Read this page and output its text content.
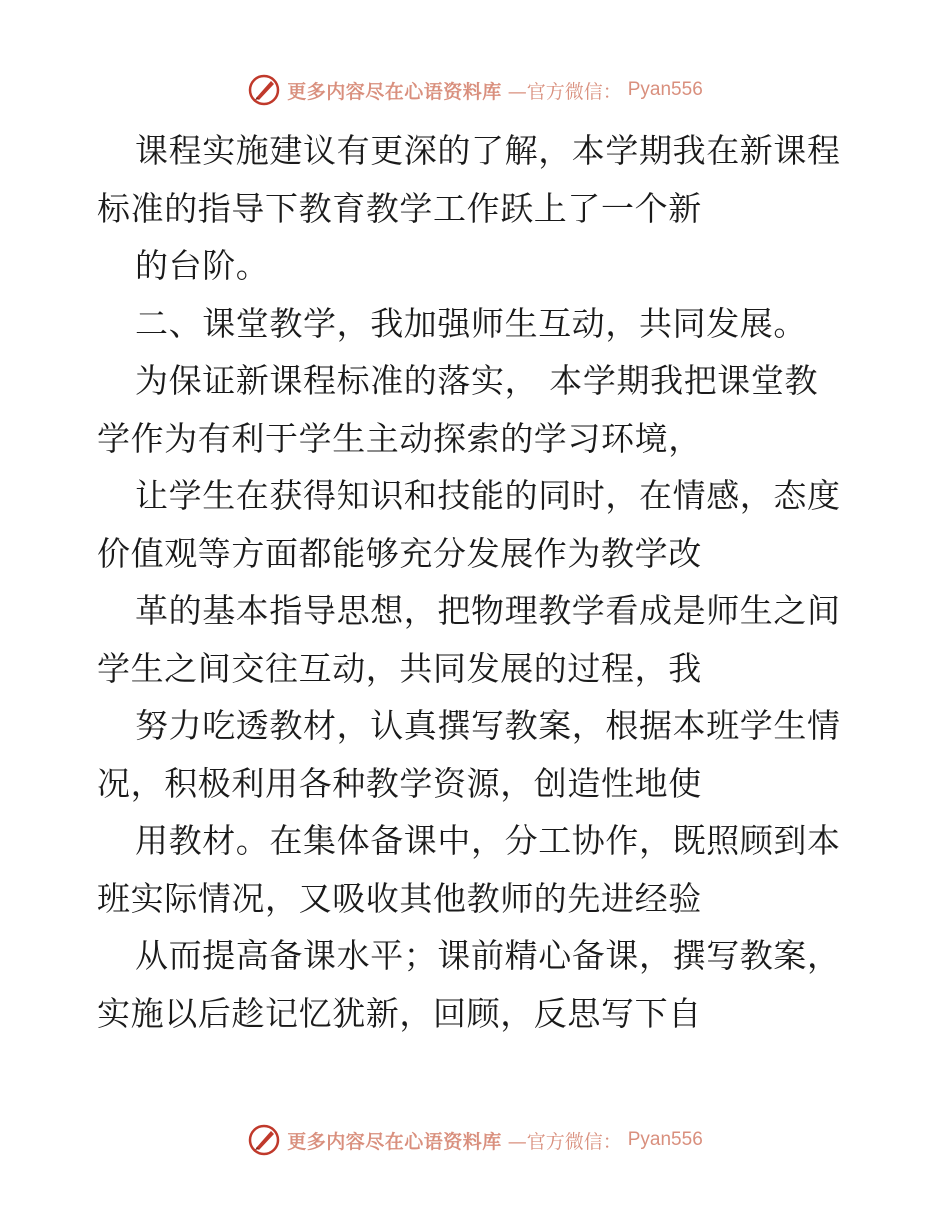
更多内容尽在心语资料库 —官方微信： Pyan556
课程实施建议有更深的了解，本学期我在新课程
标准的指导下教育教学工作跃上了一个新
的台阶。
二、课堂教学，我加强师生互动，共同发展。
为保证新课程标准的落实， 本学期我把课堂教
学作为有利于学生主动探索的学习环境，
让学生在获得知识和技能的同时，在情感，态度
价值观等方面都能够充分发展作为教学改
革的基本指导思想，把物理教学看成是师生之间
学生之间交往互动，共同发展的过程，我
努力吃透教材，认真撰写教案，根据本班学生情
况，积极利用各种教学资源，创造性地使
用教材。在集体备课中，分工协作，既照顾到本
班实际情况，又吸收其他教师的先进经验
从而提高备课水平；课前精心备课，撰写教案，
实施以后趁记忆犹新，回顾，反思写下自
更多内容尽在心语资料库 —官方微信： Pyan556
